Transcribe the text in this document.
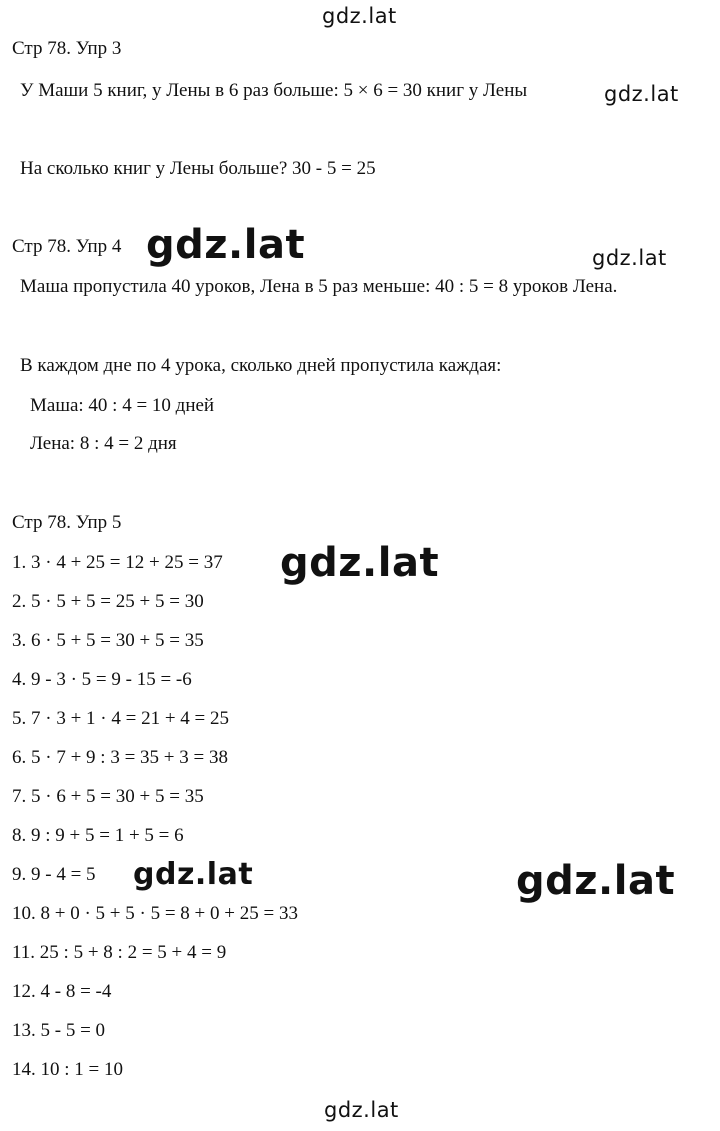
gdz.lat
gdz.lat
gdz.lat	gdz.lat
gdz.lat
gdz.lat	gdz.lat
gdz.lat
Стр 78. Упр 3
У Маши 5 книг, у Лены в 6 раз больше: 5 × 6 = 30 книг у Лены
На сколько книг у Лены больше? 30 - 5 = 25
Стр 78. Упр 4
Маша пропустила 40 уроков, Лена в 5 раз меньше: 40 : 5 = 8 уроков Лена.
В каждом дне по 4 урока, сколько дней пропустила каждая:
Маша: 40 : 4 = 10 дней
Лена: 8 : 4 = 2 дня
Стр 78. Упр 5
1. 3 · 4 + 25 = 12 + 25 = 37
2. 5 · 5 + 5 = 25 + 5 = 30
3. 6 · 5 + 5 = 30 + 5 = 35
4. 9 - 3 · 5 = 9 - 15 = -6
5. 7 · 3 + 1 · 4 = 21 + 4 = 25
6. 5 · 7 + 9 : 3 = 35 + 3 = 38
7. 5 · 6 + 5 = 30 + 5 = 35
8. 9 : 9 + 5 = 1 + 5 = 6
9. 9 - 4 = 5
10. 8 + 0 · 5 + 5 · 5 = 8 + 0 + 25 = 33
11. 25 : 5 + 8 : 2 = 5 + 4 = 9
12. 4 - 8 = -4
13. 5 - 5 = 0
14. 10 : 1 = 10
